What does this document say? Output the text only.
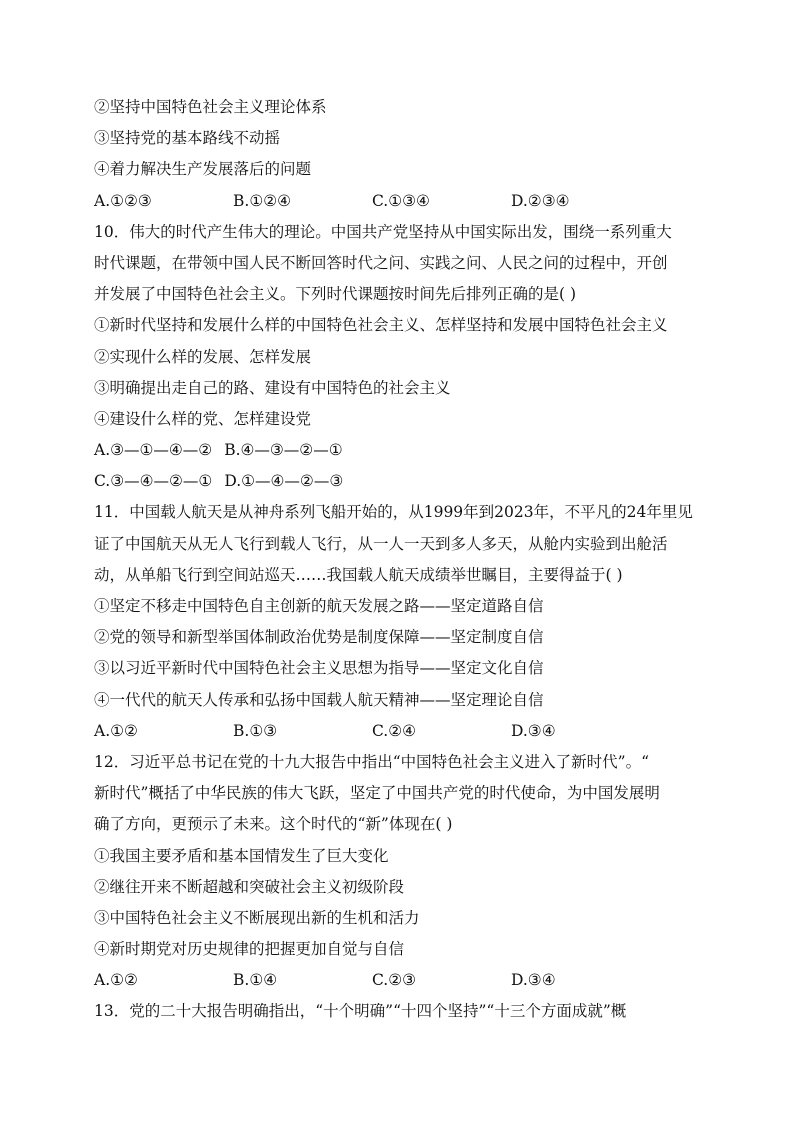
②坚持中国特色社会主义理论体系
③坚持党的基本路线不动摇
④着力解决生产发展落后的问题
A.①②③	B.①②④	C.①③④	D.②③④
10．伟大的时代产生伟大的理论。中国共产党坚持从中国实际出发，围绕一系列重大
时代课题，在带领中国人民不断回答时代之问、实践之问、人民之问的过程中，开创
并发展了中国特色社会主义。下列时代课题按时间先后排列正确的是( )
①新时代坚持和发展什么样的中国特色社会主义、怎样坚持和发展中国特色社会主义
②实现什么样的发展、怎样发展
③明确提出走自己的路、建设有中国特色的社会主义
④建设什么样的党、怎样建设党
A.③—①—④—② B.④—③—②—①
C.③—④—②—① D.①—④—②—③
11．中国载人航天是从神舟系列飞船开始的，从1999年到2023年，不平凡的24年里见
证了中国航天从无人飞行到载人飞行，从一人一天到多人多天，从舱内实验到出舱活
动，从单船飞行到空间站巡天……我国载人航天成绩举世瞩目，主要得益于( )
①坚定不移走中国特色自主创新的航天发展之路——坚定道路自信
②党的领导和新型举国体制政治优势是制度保障——坚定制度自信
③以习近平新时代中国特色社会主义思想为指导——坚定文化自信
④一代代的航天人传承和弘扬中国载人航天精神——坚定理论自信
A.①②	B.①③	C.②④	D.③④
12．习近平总书记在党的十九大报告中指出“中国特色社会主义进入了新时代”。“
新时代”概括了中华民族的伟大飞跃，坚定了中国共产党的时代使命，为中国发展明
确了方向，更预示了未来。这个时代的“新”体现在( )
①我国主要矛盾和基本国情发生了巨大变化
②继往开来不断超越和突破社会主义初级阶段
③中国特色社会主义不断展现出新的生机和活力
④新时期党对历史规律的把握更加自觉与自信
A.①②	B.①④	C.②③	D.③④
13．党的二十大报告明确指出，“十个明确”“十四个坚持”“十三个方面成就”概
